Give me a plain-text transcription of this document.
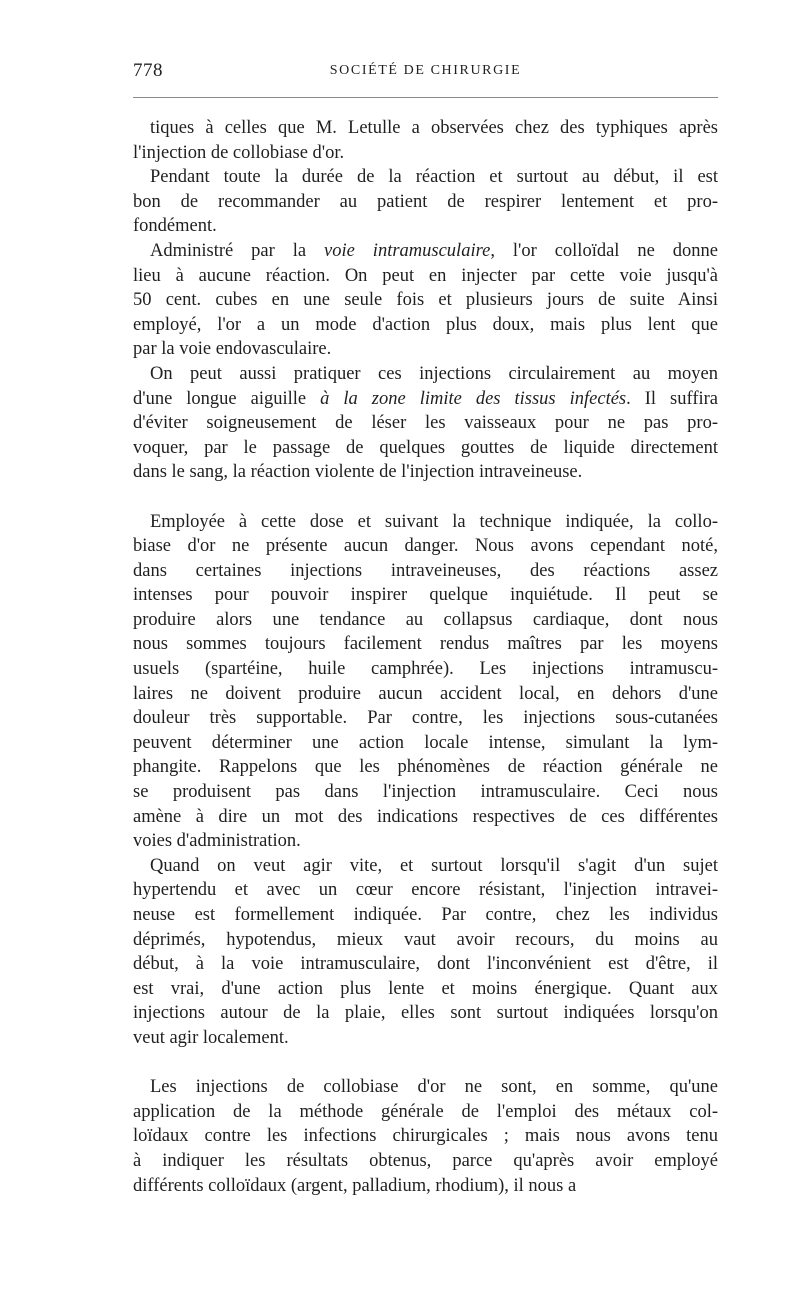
778	SOCIÉTÉ DE CHIRURGIE
tiques à celles que M. Letulle a observées chez des typhiques après
l'injection de collobiase d'or.
Pendant toute la durée de la réaction et surtout au début, il est
bon de recommander au patient de respirer lentement et pro-
fondément.
Administré par la voie intramusculaire, l'or colloïdal ne donne
lieu à aucune réaction. On peut en injecter par cette voie jusqu'à
50 cent. cubes en une seule fois et plusieurs jours de suite Ainsi
employé, l'or a un mode d'action plus doux, mais plus lent que
par la voie endovasculaire.
On peut aussi pratiquer ces injections circulairement au moyen
d'une longue aiguille à la zone limite des tissus infectés. Il suffira
d'éviter soigneusement de léser les vaisseaux pour ne pas pro-
voquer, par le passage de quelques gouttes de liquide directement
dans le sang, la réaction violente de l'injection intraveineuse.
Employée à cette dose et suivant la technique indiquée, la collo-
biase d'or ne présente aucun danger. Nous avons cependant noté,
dans certaines injections intraveineuses, des réactions assez
intenses pour pouvoir inspirer quelque inquiétude. Il peut se
produire alors une tendance au collapsus cardiaque, dont nous
nous sommes toujours facilement rendus maîtres par les moyens
usuels (spartéine, huile camphrée). Les injections intramuscu-
laires ne doivent produire aucun accident local, en dehors d'une
douleur très supportable. Par contre, les injections sous-cutanées
peuvent déterminer une action locale intense, simulant la lym-
phangite. Rappelons que les phénomènes de réaction générale ne
se produisent pas dans l'injection intramusculaire. Ceci nous
amène à dire un mot des indications respectives de ces différentes
voies d'administration.
Quand on veut agir vite, et surtout lorsqu'il s'agit d'un sujet
hypertendu et avec un cœur encore résistant, l'injection intravei-
neuse est formellement indiquée. Par contre, chez les individus
déprimés, hypotendus, mieux vaut avoir recours, du moins au
début, à la voie intramusculaire, dont l'inconvénient est d'être, il
est vrai, d'une action plus lente et moins énergique. Quant aux
injections autour de la plaie, elles sont surtout indiquées lorsqu'on
veut agir localement.
Les injections de collobiase d'or ne sont, en somme, qu'une
application de la méthode générale de l'emploi des métaux col-
loïdaux contre les infections chirurgicales ; mais nous avons tenu
à indiquer les résultats obtenus, parce qu'après avoir employé
différents colloïdaux (argent, palladium, rhodium), il nous a
